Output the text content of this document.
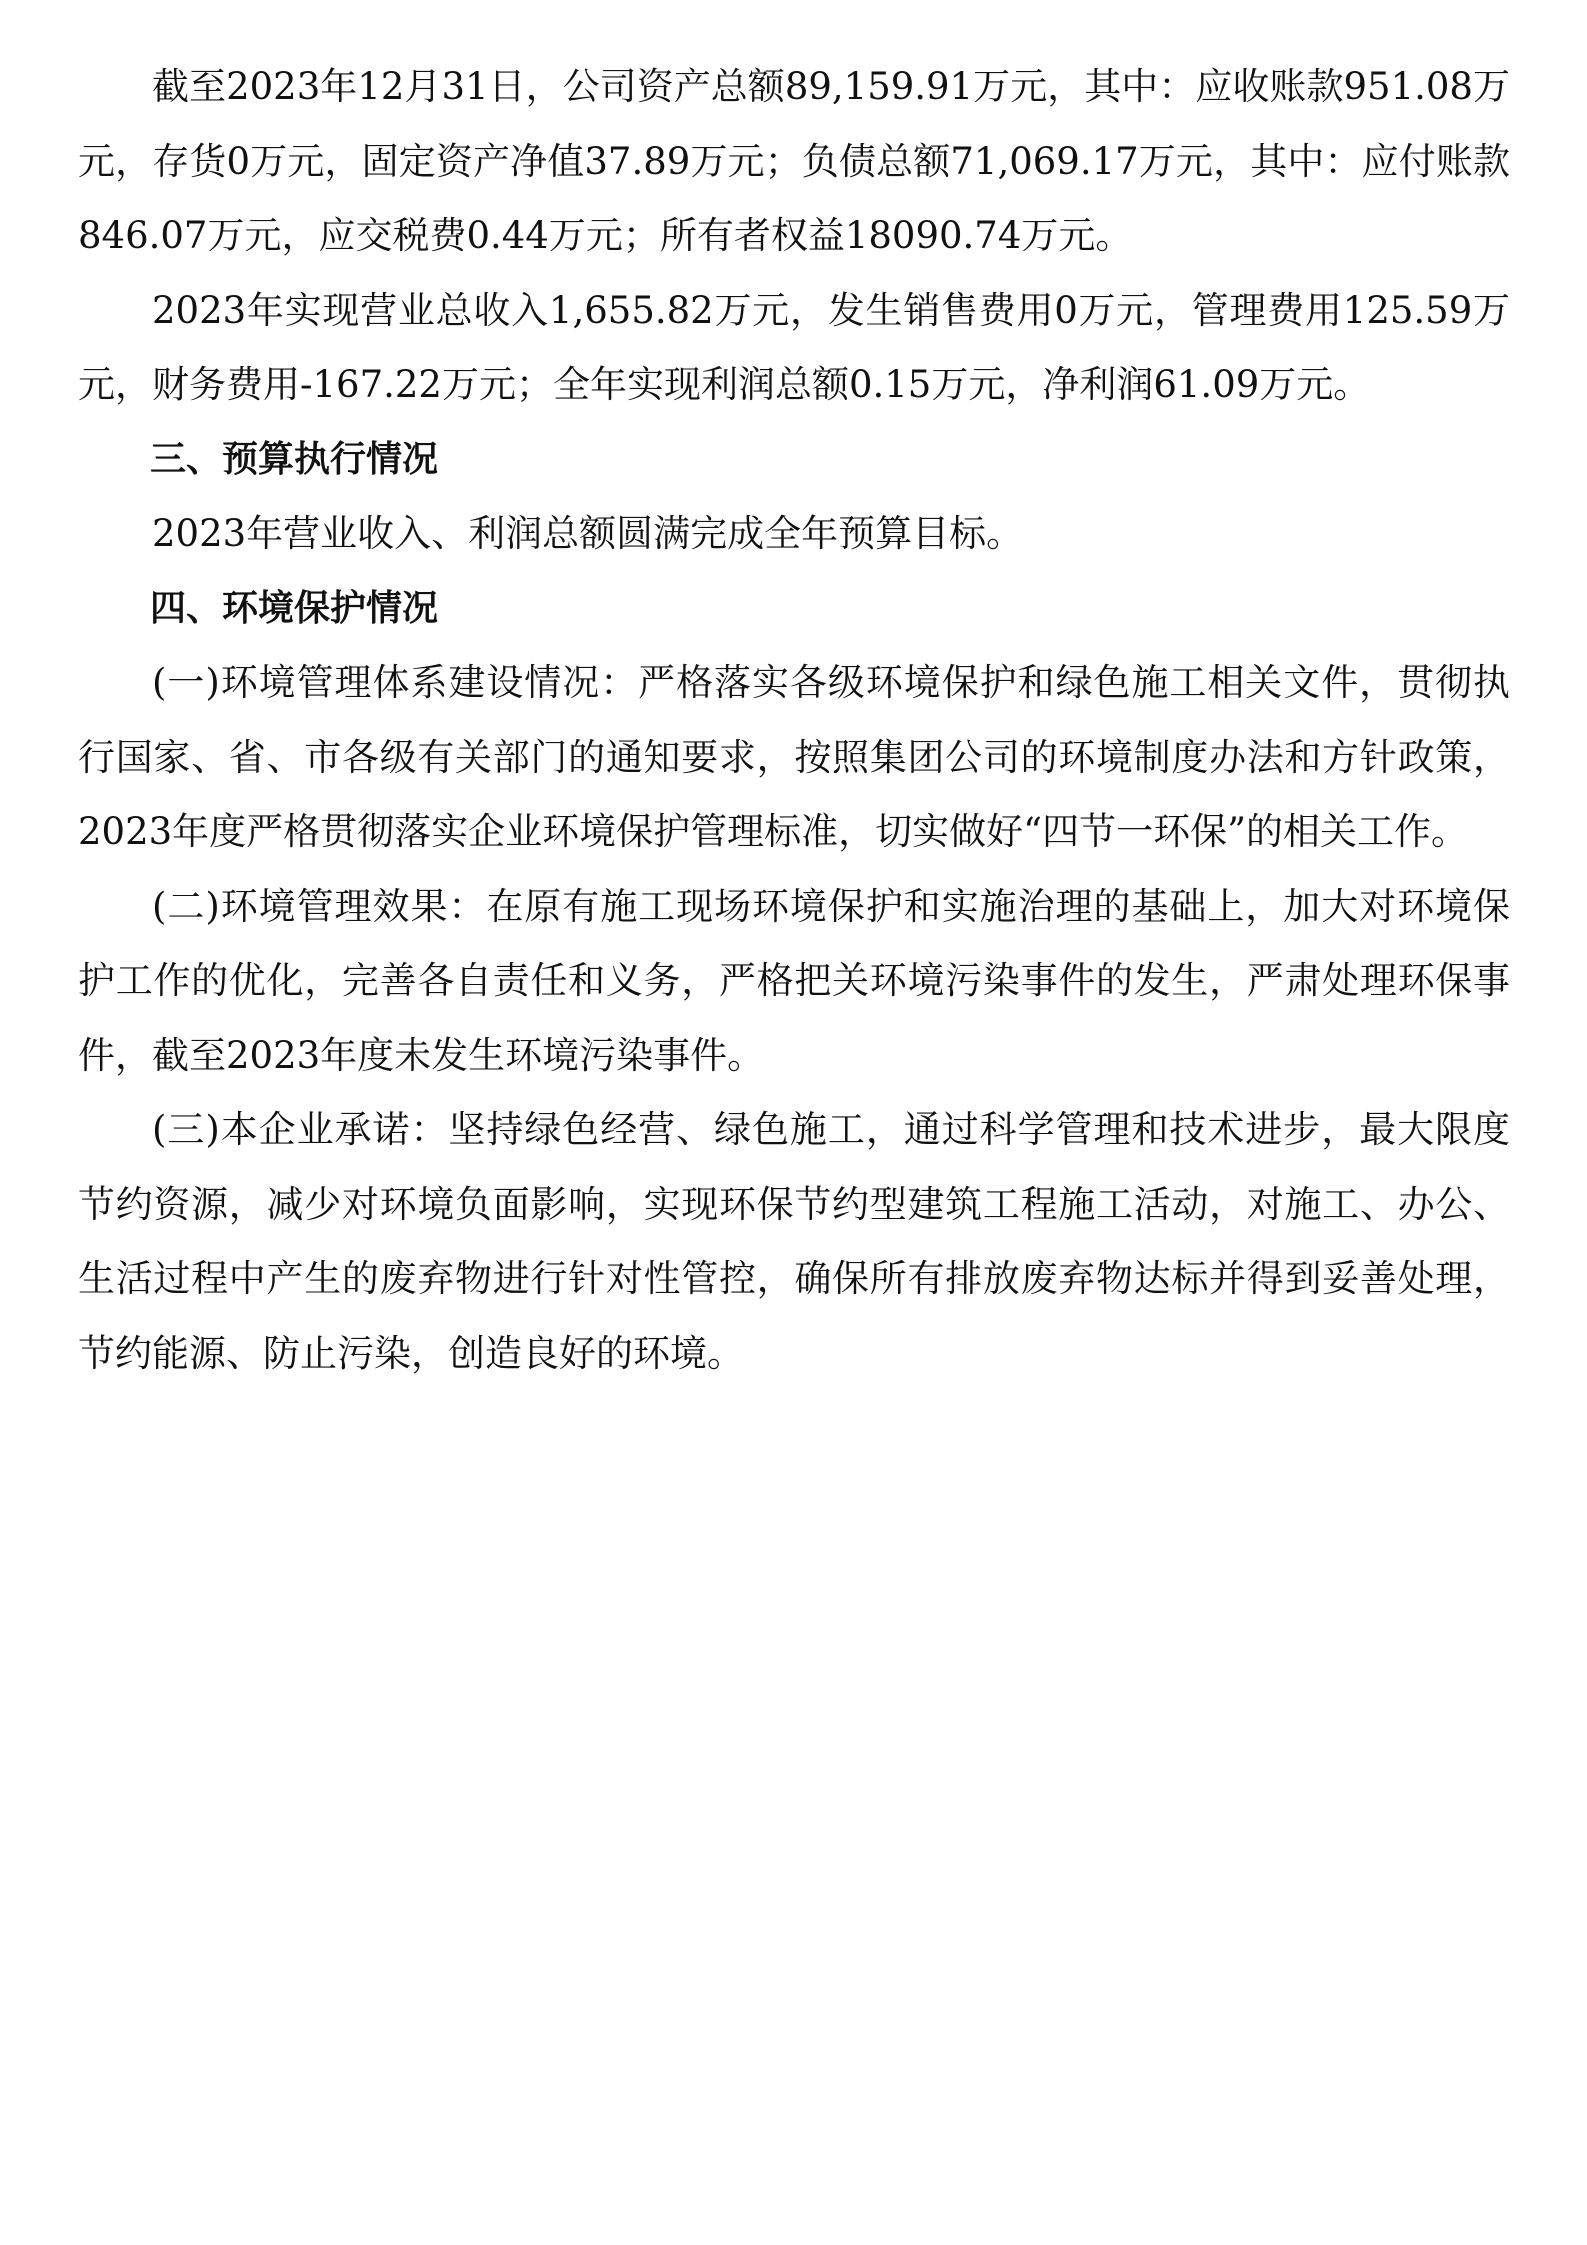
截至2023年12月31日，公司资产总额89,159.91万元，其中：应收账款951.08万元，存货0万元，固定资产净值37.89万元；负债总额71,069.17万元，其中：应付账款846.07万元，应交税费0.44万元；所有者权益18090.74万元。

2023年实现营业总收入1,655.82万元，发生销售费用0万元，管理费用125.59万元，财务费用-167.22万元；全年实现利润总额0.15万元，净利润61.09万元。

三、预算执行情况

2023年营业收入、利润总额圆满完成全年预算目标。

四、环境保护情况

(一)环境管理体系建设情况：严格落实各级环境保护和绿色施工相关文件，贯彻执行国家、省、市各级有关部门的通知要求，按照集团公司的环境制度办法和方针政策，2023年度严格贯彻落实企业环境保护管理标准，切实做好“四节一环保”的相关工作。

(二)环境管理效果：在原有施工现场环境保护和实施治理的基础上，加大对环境保护工作的优化，完善各自责任和义务，严格把关环境污染事件的发生，严肃处理环保事件，截至2023年度未发生环境污染事件。

(三)本企业承诺：坚持绿色经营、绿色施工，通过科学管理和技术进步，最大限度节约资源，减少对环境负面影响，实现环保节约型建筑工程施工活动，对施工、办公、生活过程中产生的废弃物进行针对性管控，确保所有排放废弃物达标并得到妥善处理，节约能源、防止污染，创造良好的环境。
